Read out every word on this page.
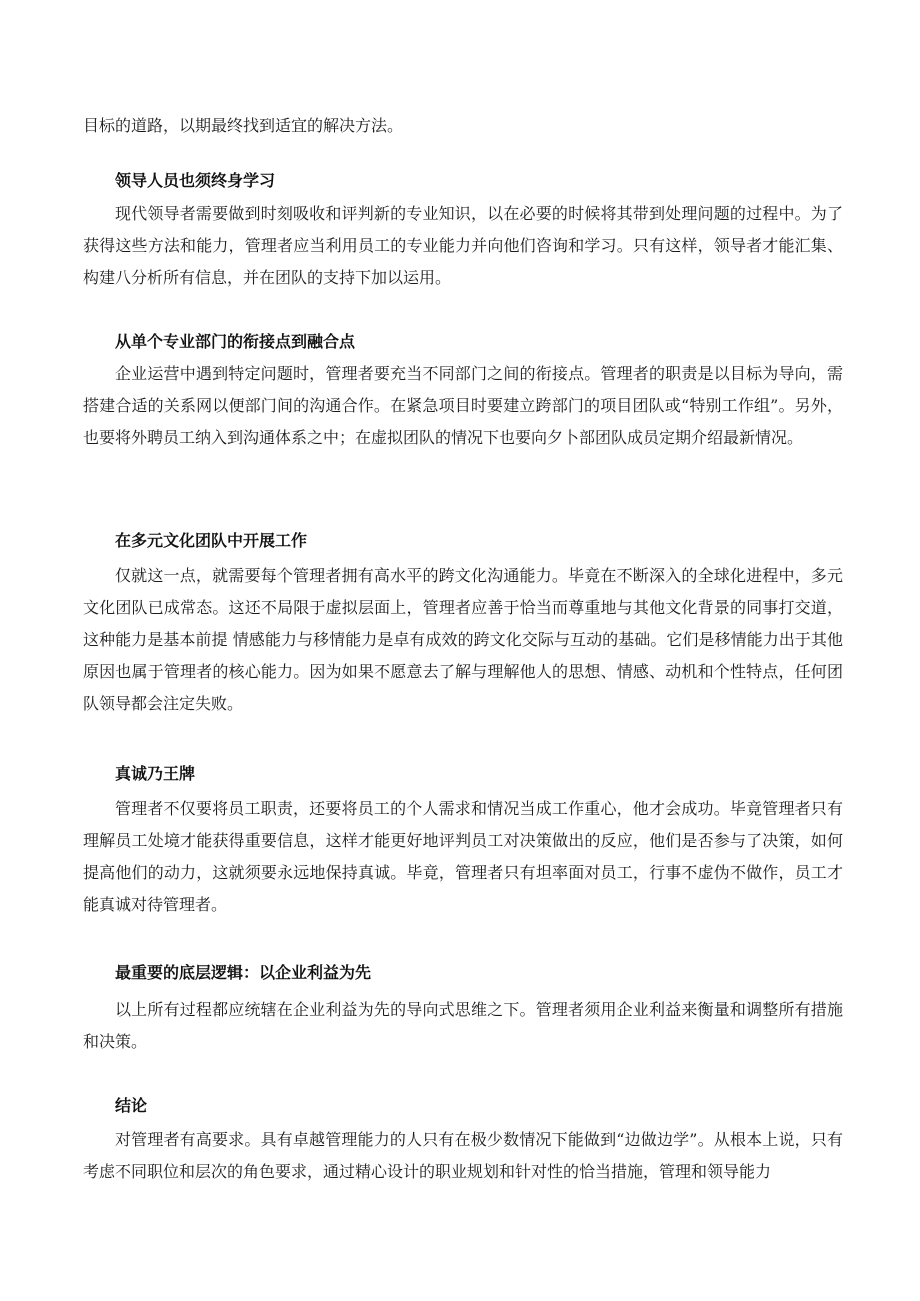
目标的道路，以期最终找到适宜的解决方法。

领导人员也须终身学习

现代领导者需要做到时刻吸收和评判新的专业知识，以在必要的时候将其带到处理问题的过程中。为了获得这些方法和能力，管理者应当利用员工的专业能力并向他们咨询和学习。只有这样，领导者才能汇集、构建八分析所有信息，并在团队的支持下加以运用。

从单个专业部门的衔接点到融合点

企业运营中遇到特定问题时，管理者要充当不同部门之间的衔接点。管理者的职责是以目标为导向，需搭建合适的关系网以便部门间的沟通合作。在紧急项目时要建立跨部门的项目团队或“特别工作组”。另外，也要将外聘员工纳入到沟通体系之中；在虚拟团队的情况下也要向夕卜部团队成员定期介绍最新情况。

在多元文化团队中开展工作

仅就这一点，就需要每个管理者拥有高水平的跨文化沟通能力。毕竟在不断深入的全球化进程中，多元文化团队已成常态。这还不局限于虚拟层面上，管理者应善于恰当而尊重地与其他文化背景的同事打交道，这种能力是基本前提 情感能力与移情能力是卓有成效的跨文化交际与互动的基础。它们是移情能力出于其他原因也属于管理者的核心能力。因为如果不愿意去了解与理解他人的思想、情感、动机和个性特点，任何团队领导都会注定失败。

真诚乃王牌

管理者不仅要将员工职责，还要将员工的个人需求和情况当成工作重心，他才会成功。毕竟管理者只有理解员工处境才能获得重要信息，这样才能更好地评判员工对决策做出的反应，他们是否参与了决策，如何提高他们的动力，这就须要永远地保持真诚。毕竟，管理者只有坦率面对员工，行事不虚伪不做作，员工才能真诚对待管理者。

最重要的底层逻辑：以企业利益为先

以上所有过程都应统辖在企业利益为先的导向式思维之下。管理者须用企业利益来衡量和调整所有措施和决策。

结论

对管理者有高要求。具有卓越管理能力的人只有在极少数情况下能做到“边做边学”。从根本上说，只有考虑不同职位和层次的角色要求，通过精心设计的职业规划和针对性的恰当措施，管理和领导能力
